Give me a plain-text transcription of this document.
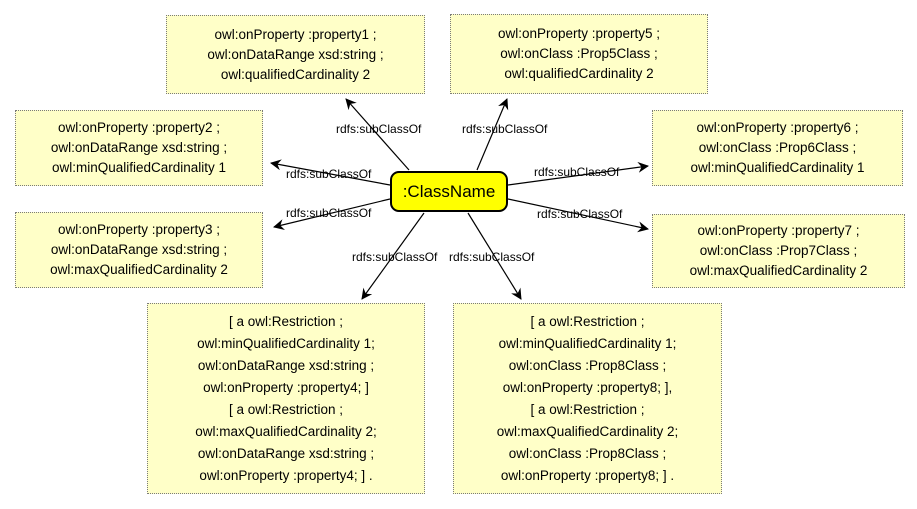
owl:onProperty :property1 ;
owl:onDataRange xsd:string ;
owl:qualifiedCardinality 2
owl:onProperty :property5 ;
owl:onClass :Prop5Class ;
owl:qualifiedCardinality 2
owl:onProperty :property2 ;
owl:onDataRange xsd:string ;
owl:minQualifiedCardinality 1
owl:onProperty :property6 ;
owl:onClass :Prop6Class ;
owl:minQualifiedCardinality 1
owl:onProperty :property3 ;
owl:onDataRange xsd:string ;
owl:maxQualifiedCardinality 2
owl:onProperty :property7 ;
owl:onClass :Prop7Class ;
owl:maxQualifiedCardinality 2
[ a owl:Restriction ;
owl:minQualifiedCardinality 1;
owl:onDataRange xsd:string ;
owl:onProperty :property4; ]
[ a owl:Restriction ;
owl:maxQualifiedCardinality 2;
owl:onDataRange xsd:string ;
owl:onProperty :property4; ] .
[ a owl:Restriction ;
owl:minQualifiedCardinality 1;
owl:onClass :Prop8Class ;
owl:onProperty :property8; ],
[ a owl:Restriction ;
owl:maxQualifiedCardinality 2;
owl:onClass :Prop8Class ;
owl:onProperty :property8; ] .
:ClassName
rdfs:subClassOf	rdfs:subClassOf
rdfs:subClassOf
rdfs:subClassOf
rdfs:subClassOf
rdfs:subClassOf
rdfs:subClassOf rdfs:subClassOf
